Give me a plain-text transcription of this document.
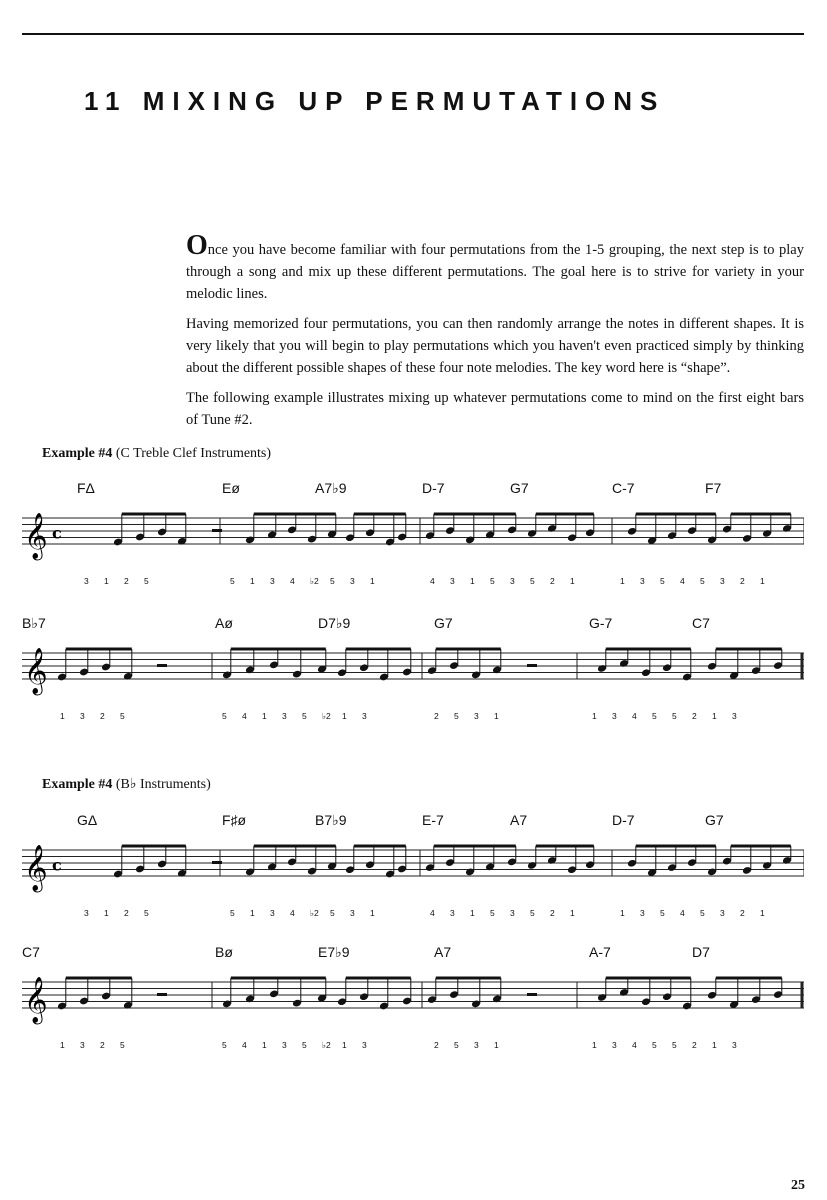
11 MIXING UP PERMUTATIONS

Once you have become familiar with four permutations from the 1-5 grouping, the next step is to play through a song and mix up these different permutations. The goal here is to strive for variety in your melodic lines.

Having memorized four permutations, you can then randomly arrange the notes in different shapes. It is very likely that you will begin to play permutations which you haven't even practiced simply by thinking about the different possible shapes of these four note melodies. The key word here is “shape”.

The following example illustrates mixing up whatever permutations come to mind on the first eight bars of Tune #2.

Example #4 (C Treble Clef Instruments)
𝄞 c
FΔ	Eø	A7♭9	D-7	G7	C-7	F7
3 1 2 5	5 1 3 4 ♭2 5 3 1	4 3 1 5 3 5 2 1	1 3 5 4 5 3 2 1
𝄞
B♭7	Aø	D7♭9	G7	G-7	C7
1 3 2 5	5 4 1 3 5 ♭2 1 3	2 5 3 1	1 3 4 5 5 2 1 3
Example #4 (B♭ Instruments)
𝄞 c
GΔ	F♯ø	B7♭9	E-7	A7	D-7	G7
3 1 2 5	5 1 3 4 ♭2 5 3 1	4 3 1 5 3 5 2 1	1 3 5 4 5 3 2 1
𝄞
C7	Bø	E7♭9	A7	A-7	D7
1 3 2 5	5 4 1 3 5 ♭2 1 3	2 5 3 1	1 3 4 5 5 2 1 3
25
